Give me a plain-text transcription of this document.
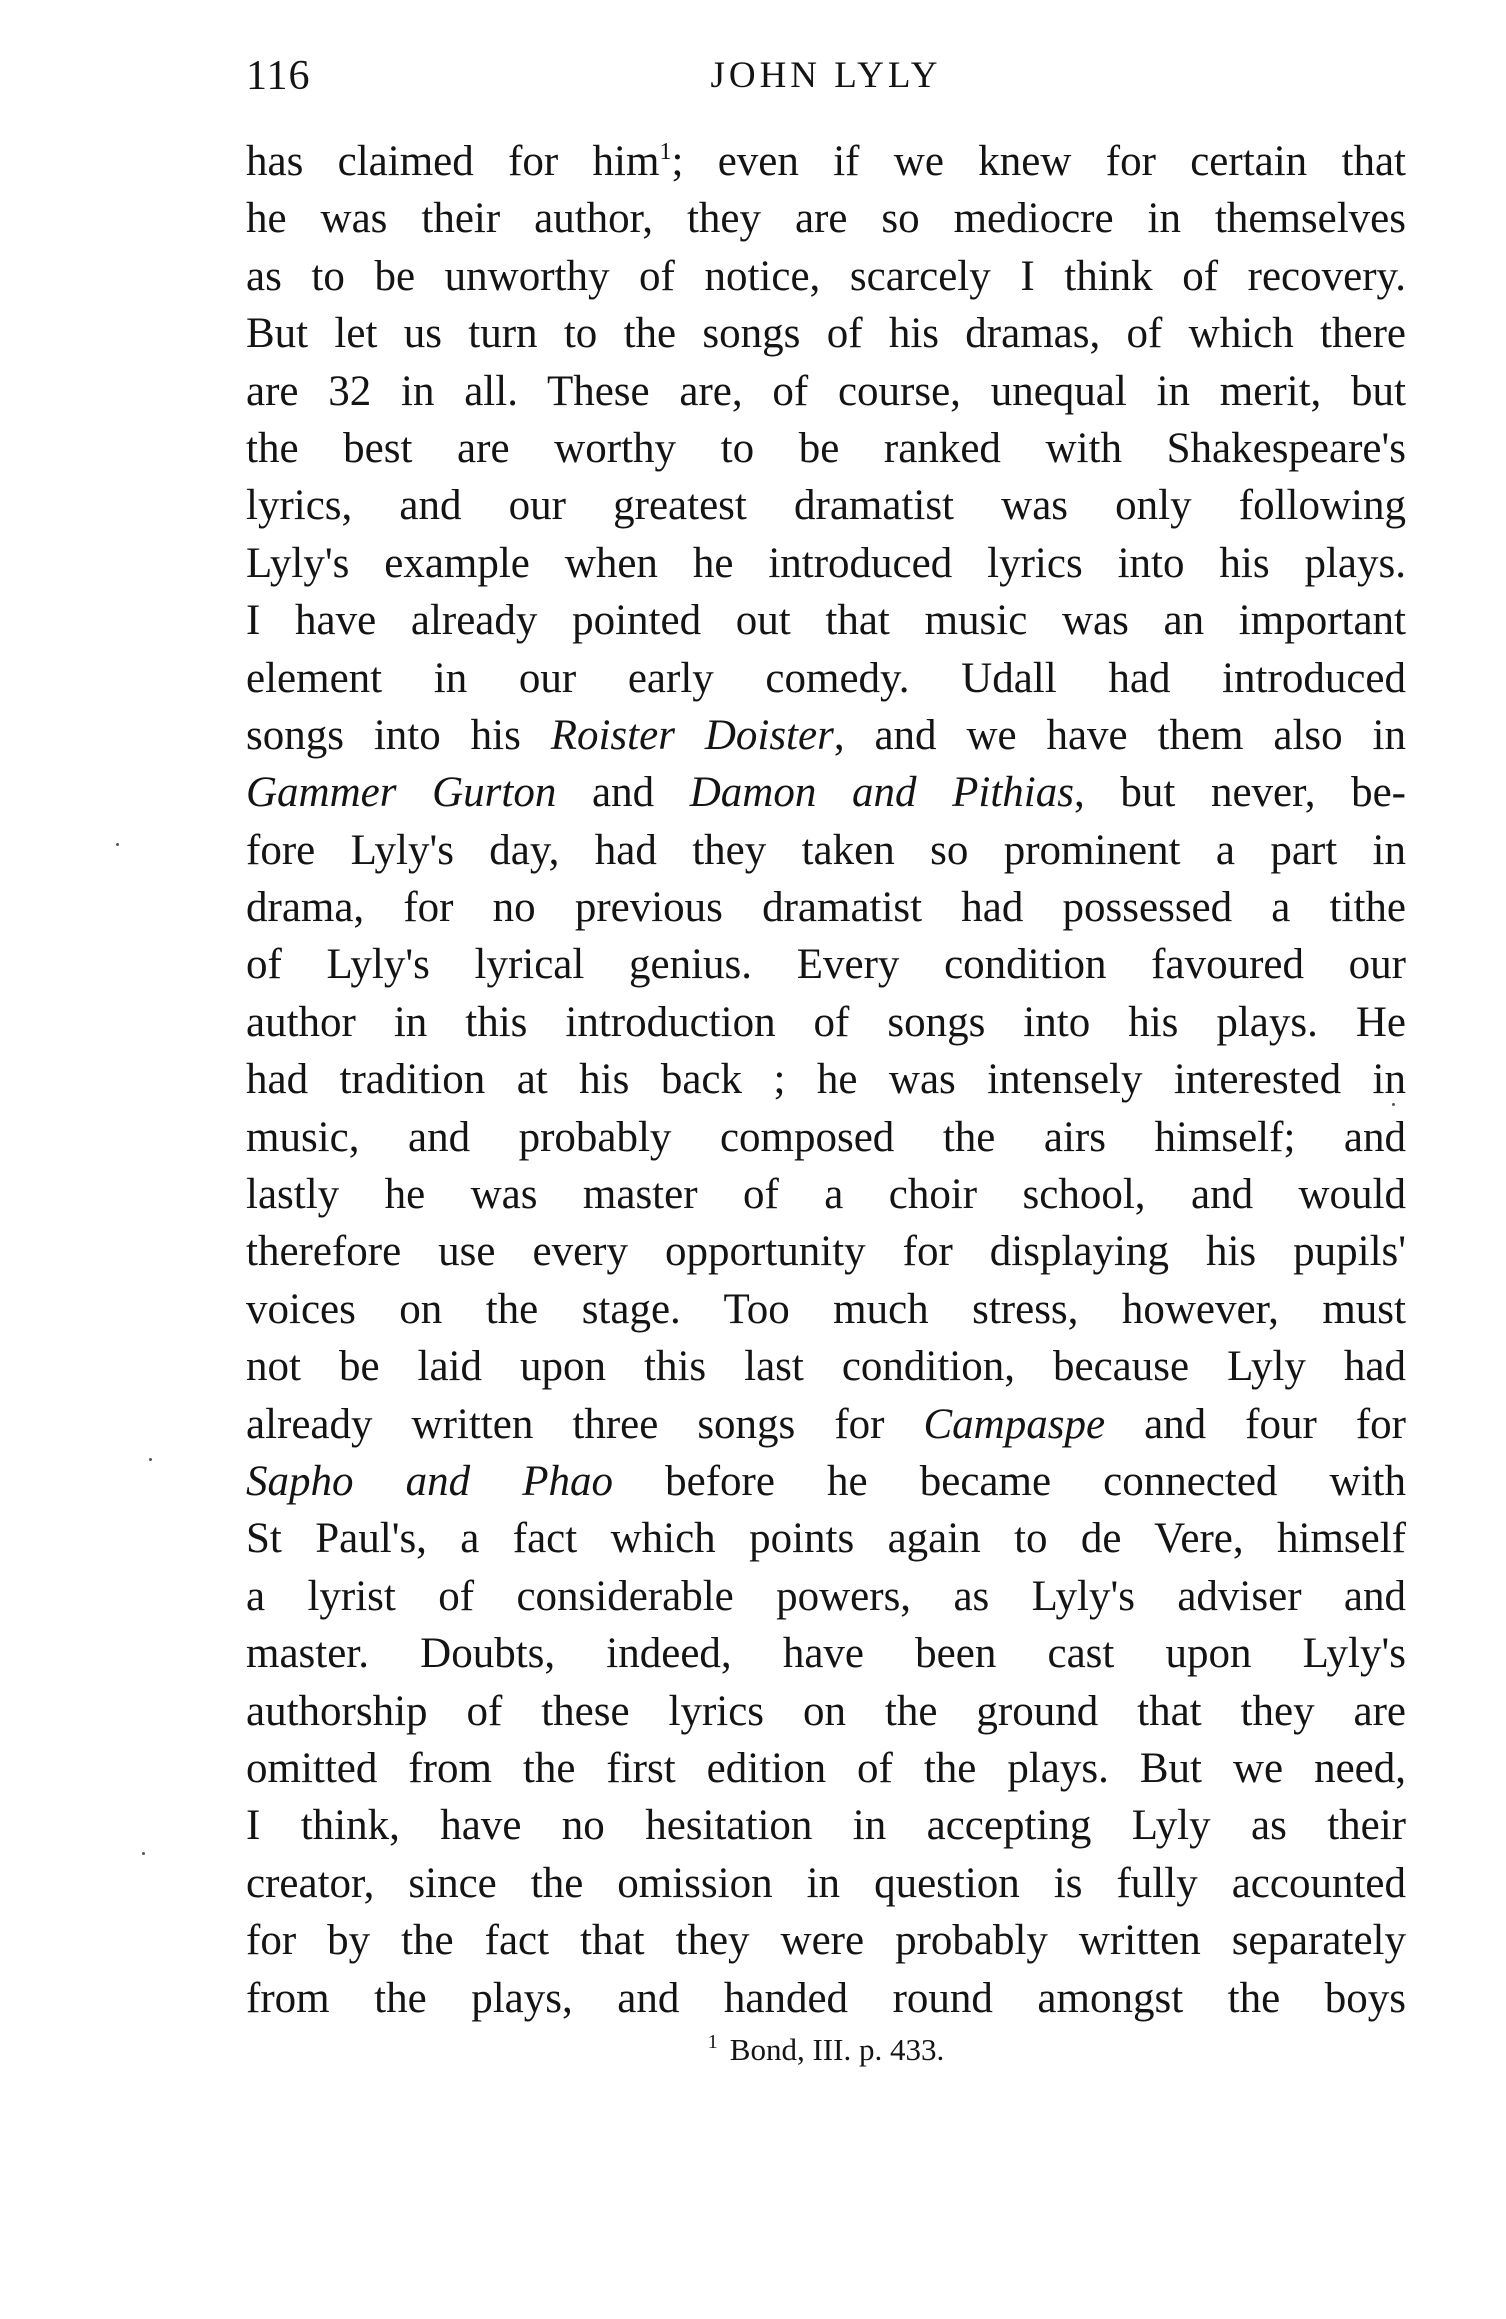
116	JOHN LYLY
has claimed for him$^1$; even if we knew for certain that
he was their author, they are so mediocre in themselves
as to be unworthy of notice, scarcely I think of recovery.
But let us turn to the songs of his dramas, of which there
are 32 in all. These are, of course, unequal in merit, but
the best are worthy to be ranked with Shakespeare's
lyrics, and our greatest dramatist was only following
Lyly's example when he introduced lyrics into his plays.
I have already pointed out that music was an important
element in our early comedy. Udall had introduced
songs into his Roister Doister, and we have them also in
Gammer Gurton and Damon and Pithias, but never, be-
fore Lyly's day, had they taken so prominent a part in
drama, for no previous dramatist had possessed a tithe
of Lyly's lyrical genius. Every condition favoured our
author in this introduction of songs into his plays. He
had tradition at his back ; he was intensely interested in
music, and probably composed the airs himself; and
lastly he was master of a choir school, and would
therefore use every opportunity for displaying his pupils'
voices on the stage. Too much stress, however, must
not be laid upon this last condition, because Lyly had
already written three songs for Campaspe and four for
Sapho and Phao before he became connected with
St Paul's, a fact which points again to de Vere, himself
a lyrist of considerable powers, as Lyly's adviser and
master. Doubts, indeed, have been cast upon Lyly's
authorship of these lyrics on the ground that they are
omitted from the first edition of the plays. But we need,
I think, have no hesitation in accepting Lyly as their
creator, since the omission in question is fully accounted
for by the fact that they were probably written separately
from the plays, and handed round amongst the boys
$^1$ Bond, III. p. 433.
